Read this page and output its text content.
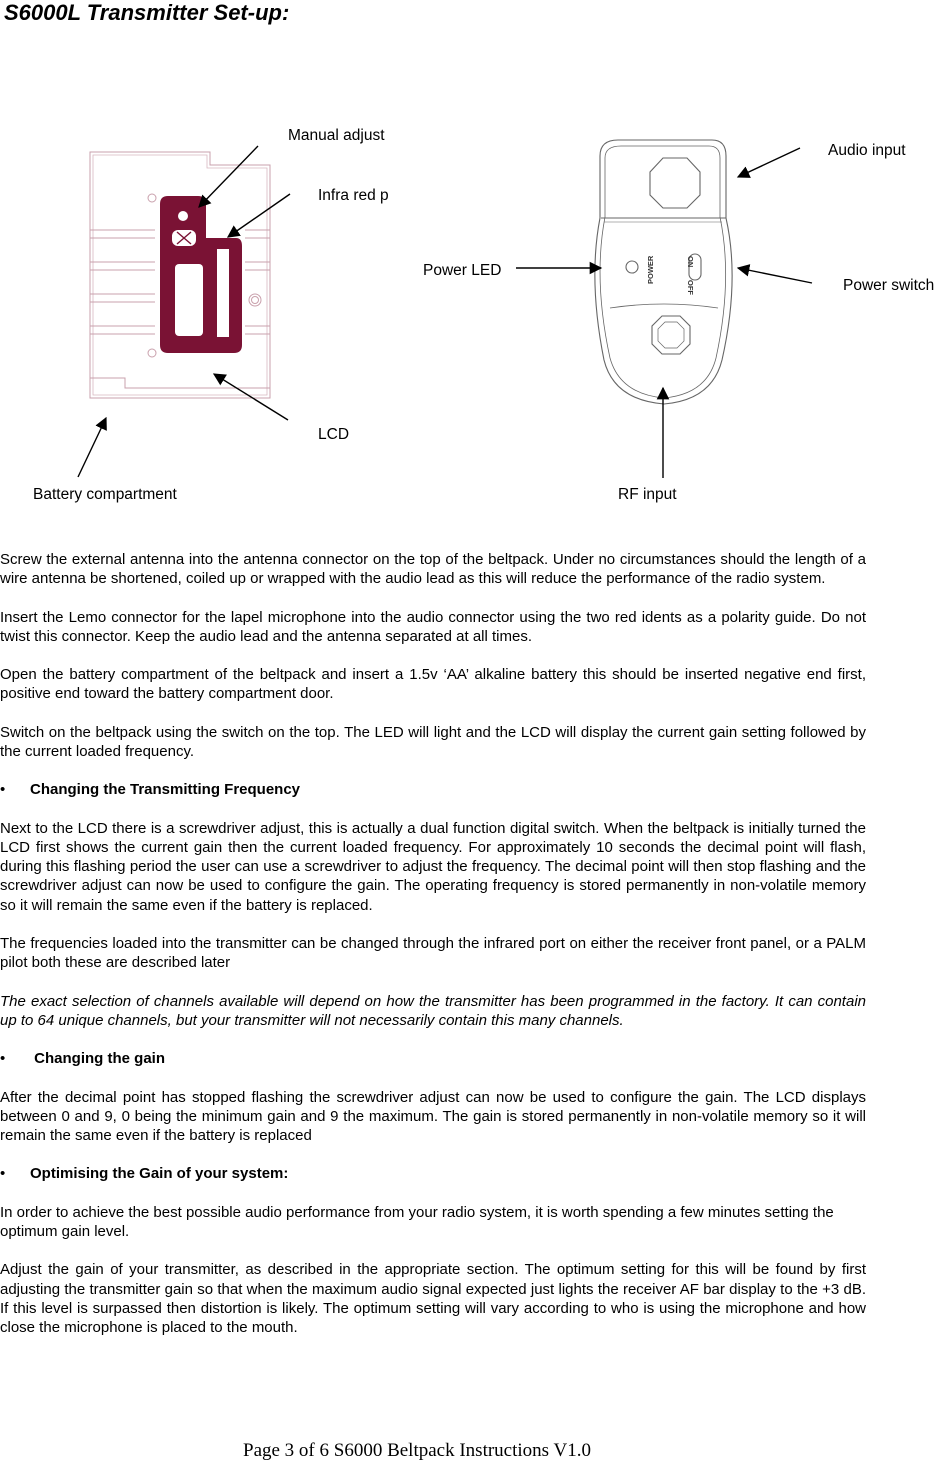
S6000L Transmitter Set-up:
POWER	ON
OFF
Manual adjust
Infra red p
LCD
Battery compartment
Audio input
Power LED
Power switch
RF input

Screw the external antenna into the antenna connector on the top of the beltpack. Under no circumstances should the length of a wire antenna be shortened, coiled up or wrapped with the audio lead as this will reduce the performance of the radio system.

Insert the Lemo connector for the lapel microphone into the audio connector using the two red idents as a polarity guide. Do not twist this connector. Keep the audio lead and the antenna separated at all times.

Open the battery compartment of the beltpack and insert a 1.5v ‘AA’ alkaline battery this should be inserted negative end first, positive end toward the battery compartment door.

Switch on the beltpack using the switch on the top. The LED will light and the LCD will display the current gain setting followed by the current loaded frequency.

•	Changing the Transmitting Frequency

Next to the LCD there is a screwdriver adjust, this is actually a dual function digital switch. When the beltpack is initially turned the LCD first shows the current gain then the current loaded frequency. For approximately 10 seconds the decimal point will flash, during this flashing period the user can use a screwdriver to adjust the frequency. The decimal point will then stop flashing and the screwdriver adjust can now be used to configure the gain. The operating frequency is stored permanently in non-volatile memory so it will remain the same even if the battery is replaced.

The frequencies loaded into the transmitter can be changed through the infrared port on either the receiver front panel, or a PALM pilot both these are described later

The exact selection of channels available will depend on how the transmitter has been programmed in the factory. It can contain up to 64 unique channels, but your transmitter will not necessarily contain this many channels.

•	Changing the gain

After the decimal point has stopped flashing the screwdriver adjust can now be used to configure the gain. The LCD displays between 0 and 9, 0 being the minimum gain and 9 the maximum. The gain is stored permanently in non-volatile memory so it will remain the same even if the battery is replaced

•	Optimising the Gain of your system:

In order to achieve the best possible audio performance from your radio system, it is worth spending a few minutes setting the optimum gain level.

Adjust the gain of your transmitter, as described in the appropriate section. The optimum setting for this will be found by first adjusting the transmitter gain so that when the maximum audio signal expected just lights the receiver AF bar display to the +3 dB. If this level is surpassed then distortion is likely. The optimum setting will vary according to who is using the microphone and how close the microphone is placed to the mouth.

Page 3 of 6 S6000 Beltpack Instructions V1.0
